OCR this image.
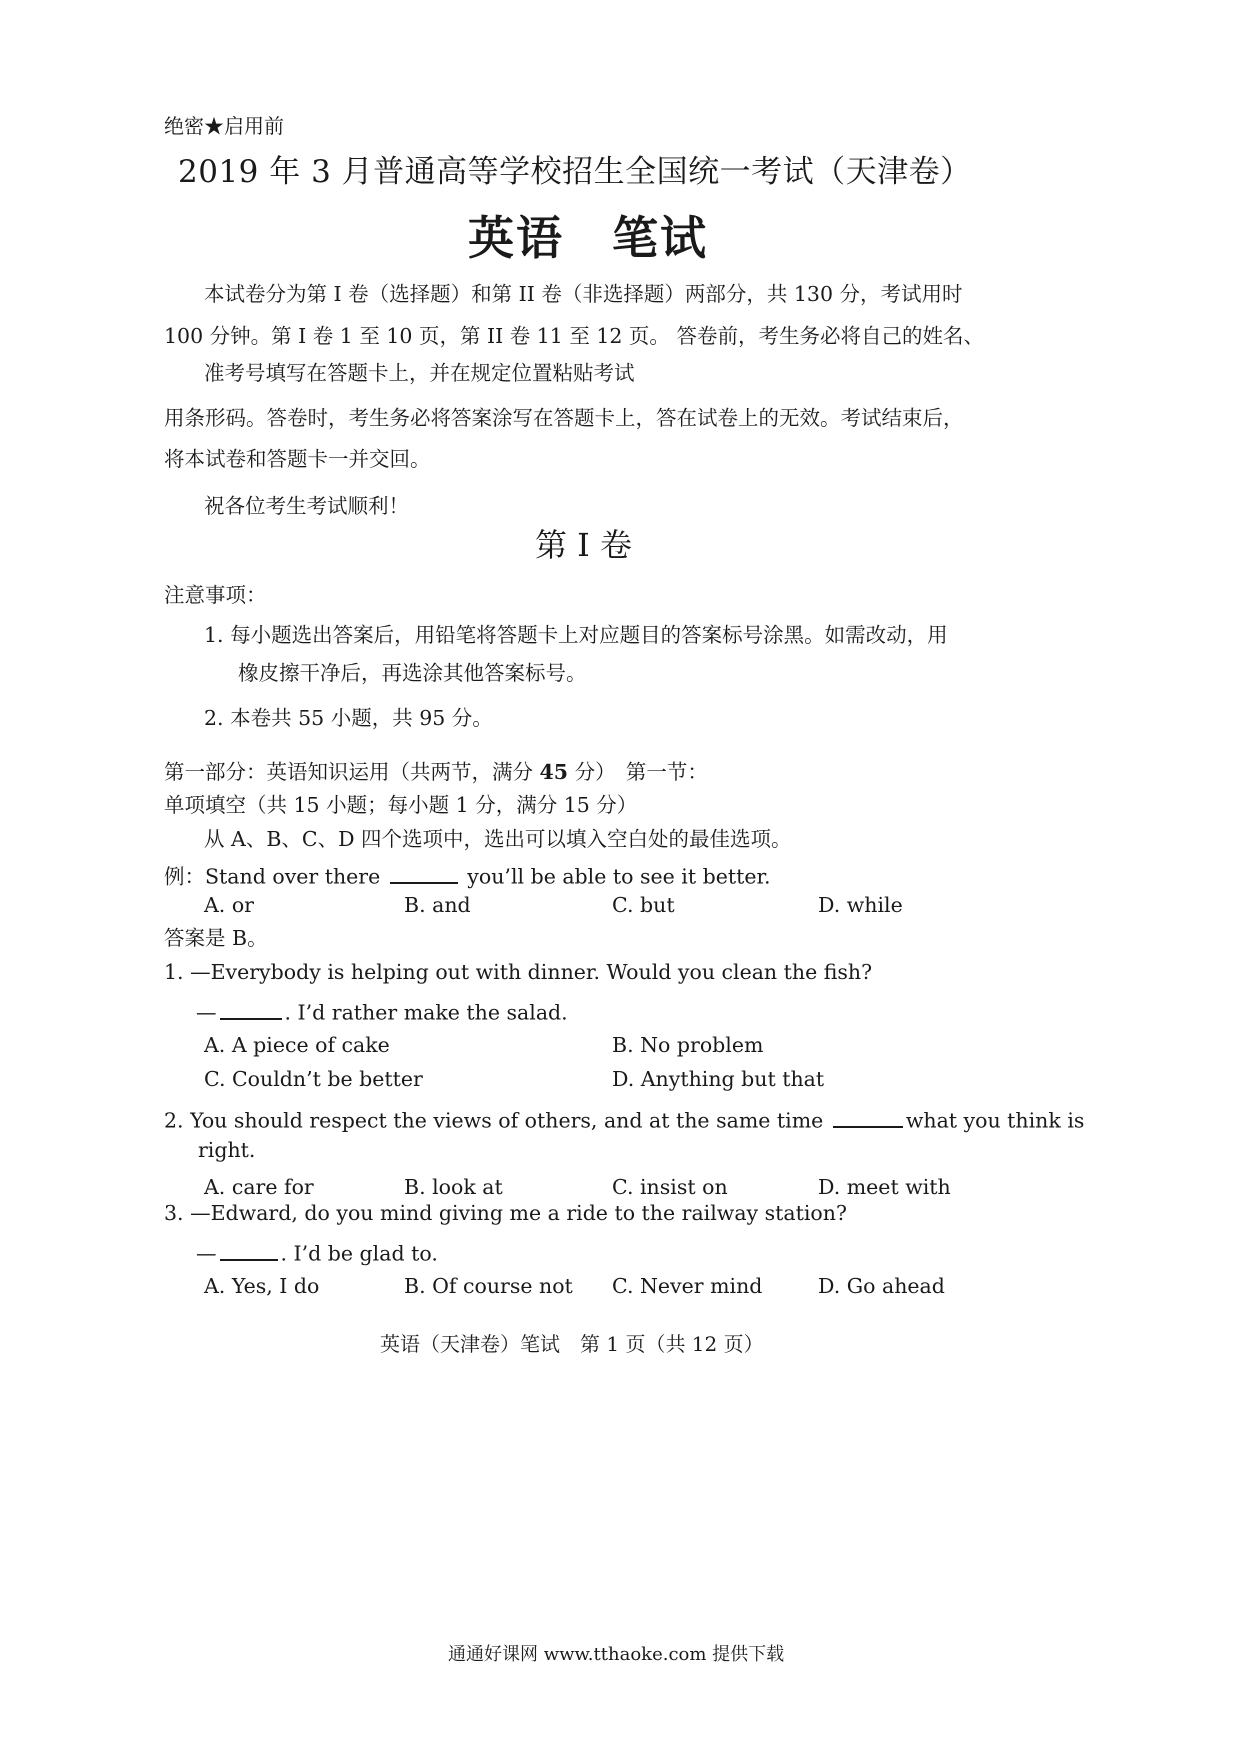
绝密★启用前
2019 年 3 月普通高等学校招生全国统一考试（天津卷）
英语　笔试
本试卷分为第 I 卷（选择题）和第 II 卷（非选择题）两部分，共 130 分，考试用时
100 分钟。第 I 卷 1 至 10 页，第 II 卷 11 至 12 页。 答卷前，考生务必将自己的姓名、
准考号填写在答题卡上，并在规定位置粘贴考试
用条形码。答卷时，考生务必将答案涂写在答题卡上，答在试卷上的无效。考试结束后，
将本试卷和答题卡一并交回。
祝各位考生考试顺利！
第 I 卷
注意事项：
1. 每小题选出答案后，用铅笔将答题卡上对应题目的答案标号涂黑。如需改动，用
橡皮擦干净后，再选涂其他答案标号。
2. 本卷共 55 小题，共 95 分。
第一部分：英语知识运用（共两节，满分 45 分）　第一节：
单项填空（共 15 小题；每小题 1 分，满分 15 分）
从 A、B、C、D 四个选项中，选出可以填入空白处的最佳选项。
例：Stand over there	you’ll be able to see it better.
A. or	B. and	C. but	D. while
答案是 B。
1. —Everybody is helping out with dinner. Would you clean the fish?
—	. I’d rather make the salad.
A. A piece of cake	B. No problem
C. Couldn’t be better	D. Anything but that
2. You should respect the views of others, and at the same time	what you think is
right.
A. care for	B. look at	C. insist on	D. meet with
3. —Edward, do you mind giving me a ride to the railway station?
—	. I’d be glad to.
A. Yes, I do	B. Of course not C. Never mind	D. Go ahead
英语（天津卷）笔试　第 1 页（共 12 页）
通通好课网 www.tthaoke.com 提供下载
